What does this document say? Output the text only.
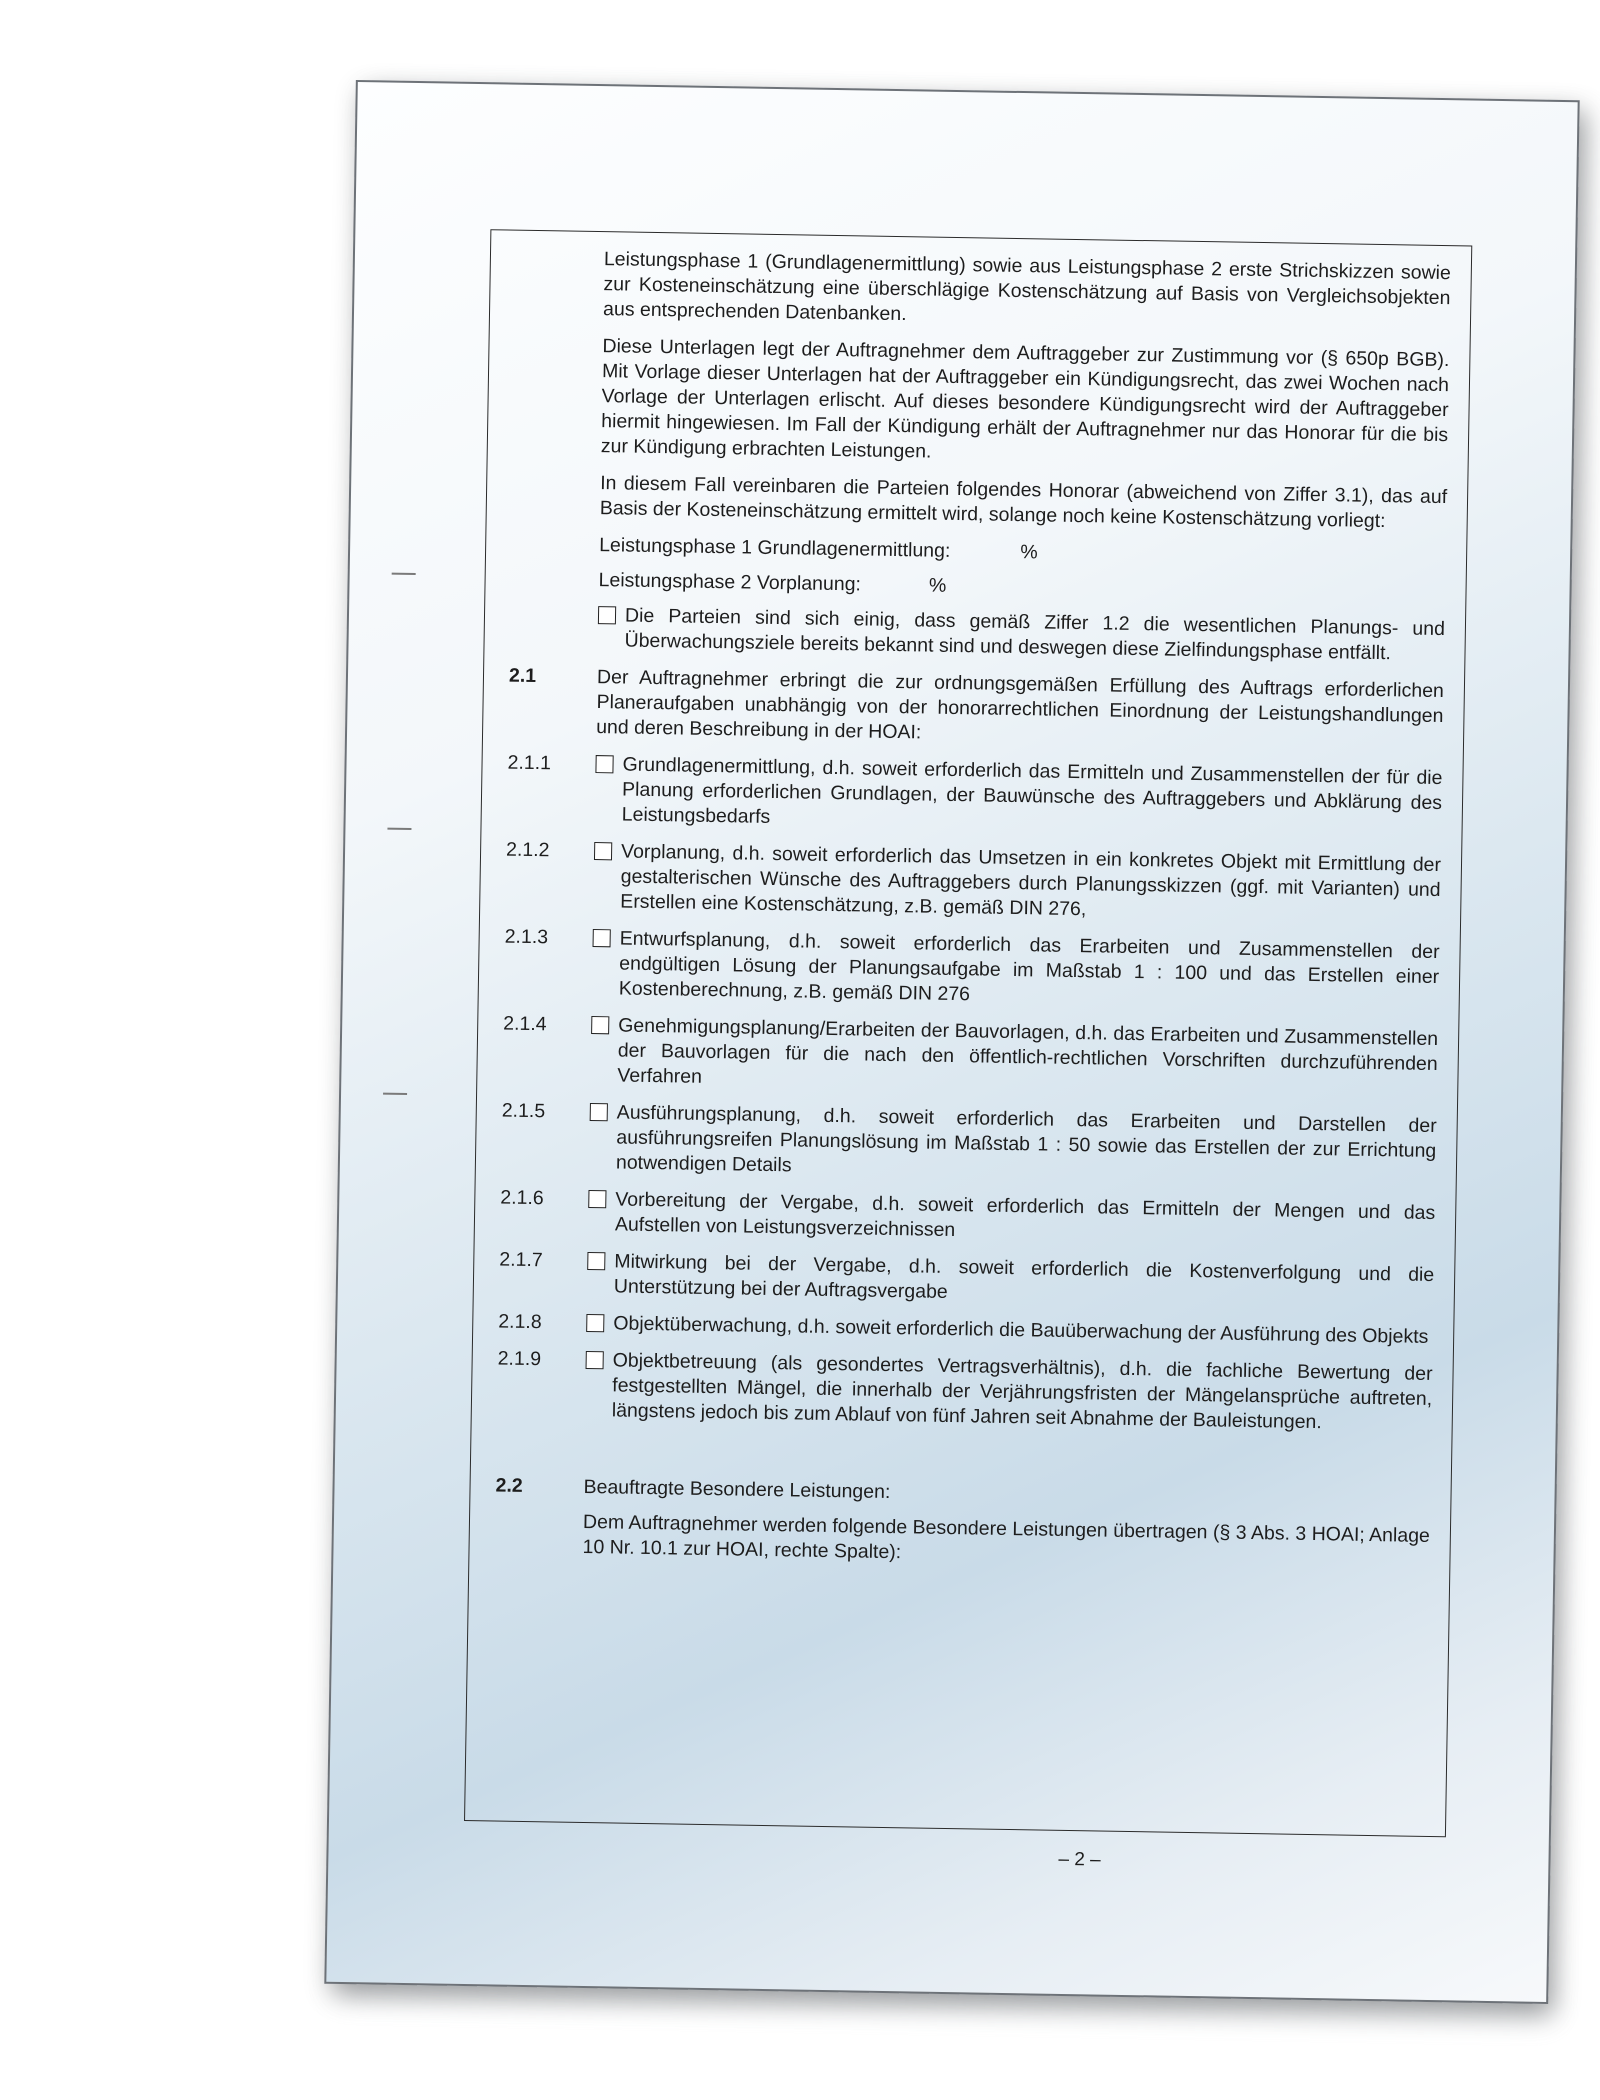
Leistungsphase 1 (Grundlagenermittlung) sowie aus Leistungsphase 2 erste Strichskizzen sowie zur Kosteneinschätzung eine überschlägige Kostenschätzung auf Basis von Vergleichsobjekten aus entsprechenden Datenbanken.

Diese Unterlagen legt der Auftragnehmer dem Auftraggeber zur Zustimmung vor (§ 650p BGB). Mit Vorlage dieser Unterlagen hat der Auftraggeber ein Kündigungsrecht, das zwei Wochen nach Vorlage der Unterlagen erlischt. Auf dieses besondere Kündigungsrecht wird der Auftraggeber hiermit hingewiesen. Im Fall der Kündigung erhält der Auftragnehmer nur das Honorar für die bis zur Kündigung erbrachten Leistungen.

In diesem Fall vereinbaren die Parteien folgendes Honorar (abweichend von Ziffer 3.1), das auf Basis der Kosteneinschätzung ermittelt wird, solange noch keine Kostenschätzung vorliegt:

Leistungsphase 1 Grundlagenermittlung:	%
Leistungsphase 2 Vorplanung:	%
Die Parteien sind sich einig, dass gemäß Ziffer 1.2 die wesentlichen Planungs- und Überwachungsziele bereits bekannt sind und deswegen diese Zielfindungsphase entfällt.
2.1	Der Auftragnehmer erbringt die zur ordnungsgemäßen Erfüllung des Auftrags erforderlichen Planeraufgaben unabhängig von der honorarrechtlichen Einordnung der Leistungshandlungen und deren Beschreibung in der HOAI:
2.1.1	Grundlagenermittlung, d.h. soweit erforderlich das Ermitteln und Zusammenstellen der für die Planung erforderlichen Grundlagen, der Bauwünsche des Auftraggebers und Abklärung des Leistungsbedarfs
2.1.2	Vorplanung, d.h. soweit erforderlich das Umsetzen in ein konkretes Objekt mit Ermittlung der gestalterischen Wünsche des Auftraggebers durch Planungsskizzen (ggf. mit Varianten) und Erstellen eine Kostenschätzung, z.B. gemäß DIN 276,
2.1.3	Entwurfsplanung, d.h. soweit erforderlich das Erarbeiten und Zusammenstellen der endgültigen Lösung der Planungsaufgabe im Maßstab 1 : 100 und das Erstellen einer Kostenberechnung, z.B. gemäß DIN 276
2.1.4	Genehmigungsplanung/Erarbeiten der Bauvorlagen, d.h. das Erarbeiten und Zusammenstellen der Bauvorlagen für die nach den öffentlich-rechtlichen Vorschriften durchzuführenden Verfahren
2.1.5	Ausführungsplanung, d.h. soweit erforderlich das Erarbeiten und Darstellen der ausführungsreifen Planungslösung im Maßstab 1 : 50 sowie das Erstellen der zur Errichtung notwendigen Details
2.1.6	Vorbereitung der Vergabe, d.h. soweit erforderlich das Ermitteln der Mengen und das Aufstellen von Leistungsverzeichnissen
2.1.7	Mitwirkung bei der Vergabe, d.h. soweit erforderlich die Kostenverfolgung und die Unterstützung bei der Auftragsvergabe
2.1.8	Objektüberwachung, d.h. soweit erforderlich die Bauüberwachung der Ausführung des Objekts
2.1.9	Objektbetreuung (als gesondertes Vertragsverhältnis), d.h. die fachliche Bewertung der festgestellten Mängel, die innerhalb der Verjährungsfristen der Mängelansprüche auftreten, längstens jedoch bis zum Ablauf von fünf Jahren seit Abnahme der Bauleistungen.
2.2	Beauftragte Besondere Leistungen:
Dem Auftragnehmer werden folgende Besondere Leistungen übertragen (§ 3 Abs. 3 HOAI; Anlage 10 Nr. 10.1 zur HOAI, rechte Spalte):
– 2 –
